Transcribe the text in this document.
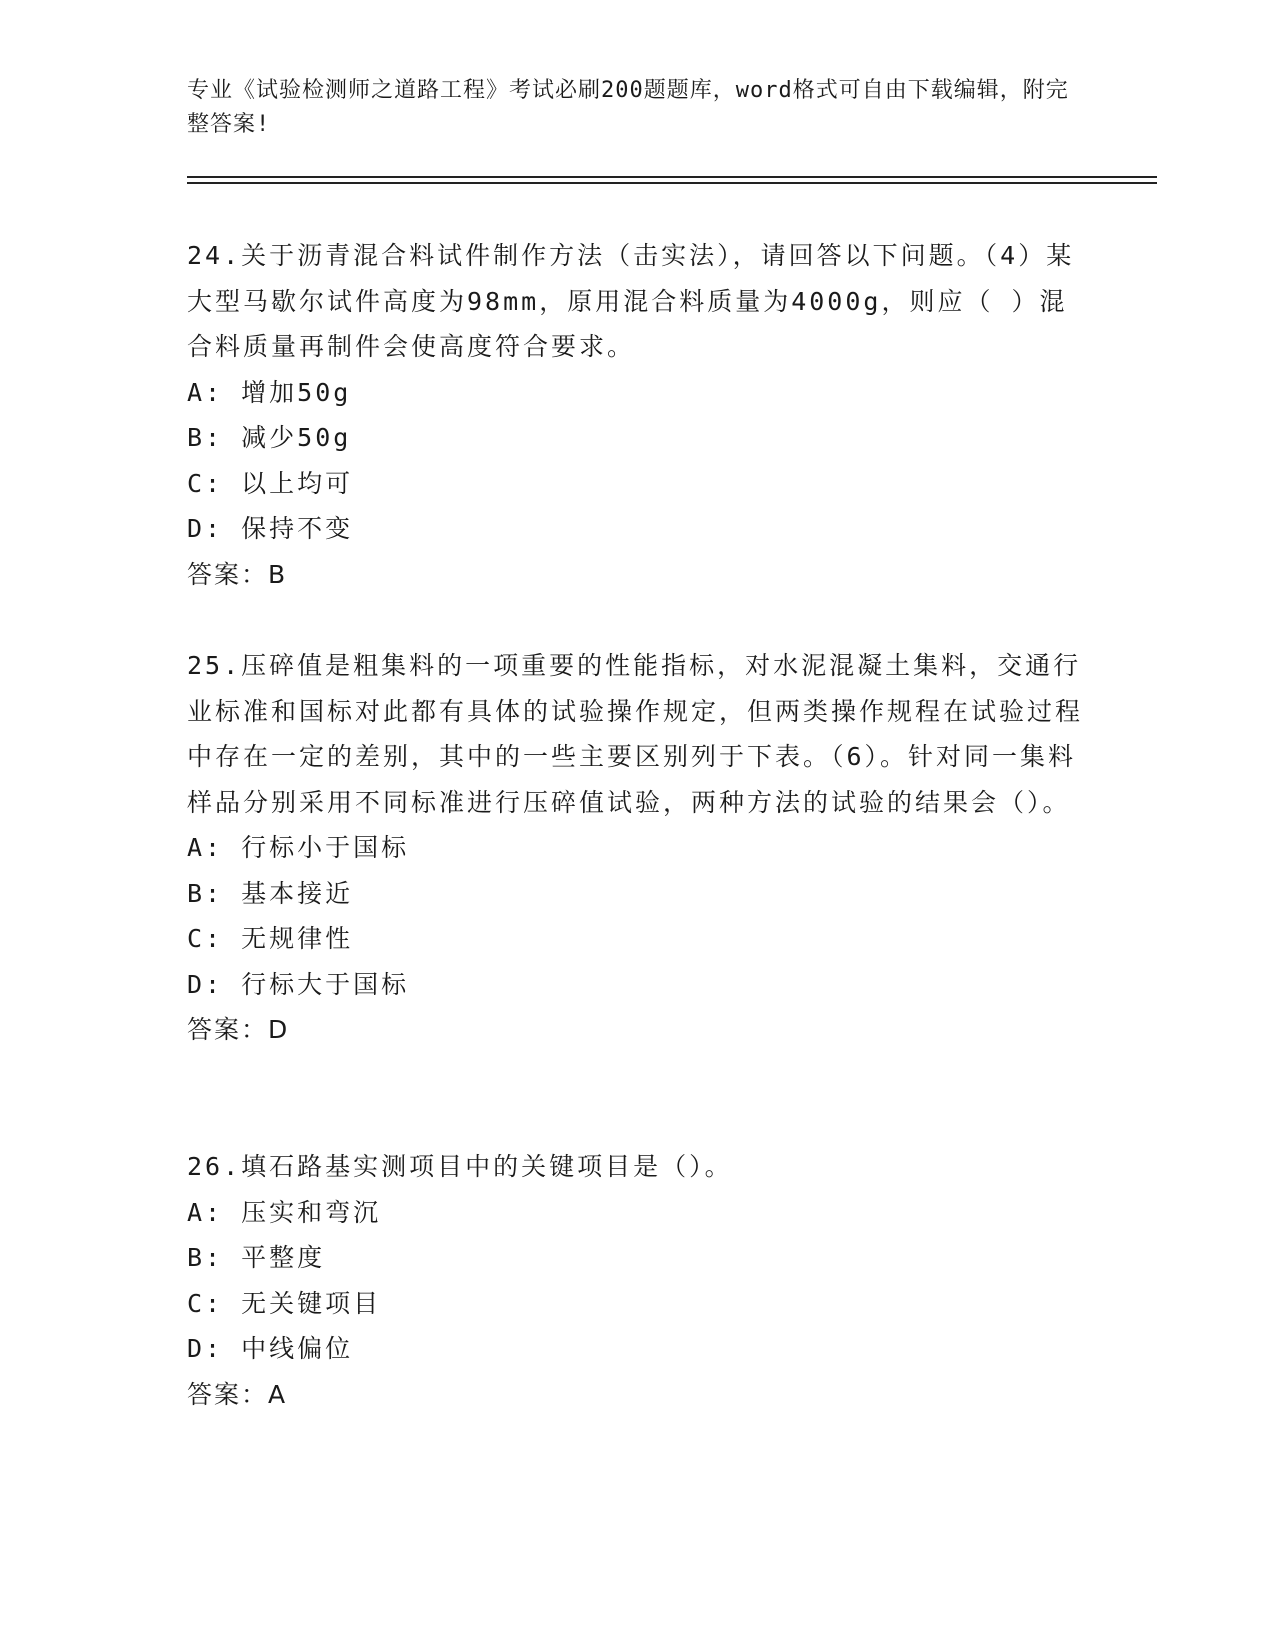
专业《试验检测师之道路工程》考试必刷200题题库，word格式可自由下载编辑，附完整答案!
24.关于沥青混合料试件制作方法（击实法），请回答以下问题。（4）某大型马歇尔试件高度为98mm，原用混合料质量为4000g，则应（ ）混合料质量再制件会使高度符合要求。
A: 增加50g
B: 减少50g
C: 以上均可
D: 保持不变
答案：B
25.压碎值是粗集料的一项重要的性能指标，对水泥混凝土集料，交通行业标准和国标对此都有具体的试验操作规定，但两类操作规程在试验过程中存在一定的差别，其中的一些主要区别列于下表。（6）。针对同一集料样品分别采用不同标准进行压碎值试验，两种方法的试验的结果会（）。
A: 行标小于国标
B: 基本接近
C: 无规律性
D: 行标大于国标
答案：D
26.填石路基实测项目中的关键项目是（）。
A: 压实和弯沉
B: 平整度
C: 无关键项目
D: 中线偏位
答案：A
